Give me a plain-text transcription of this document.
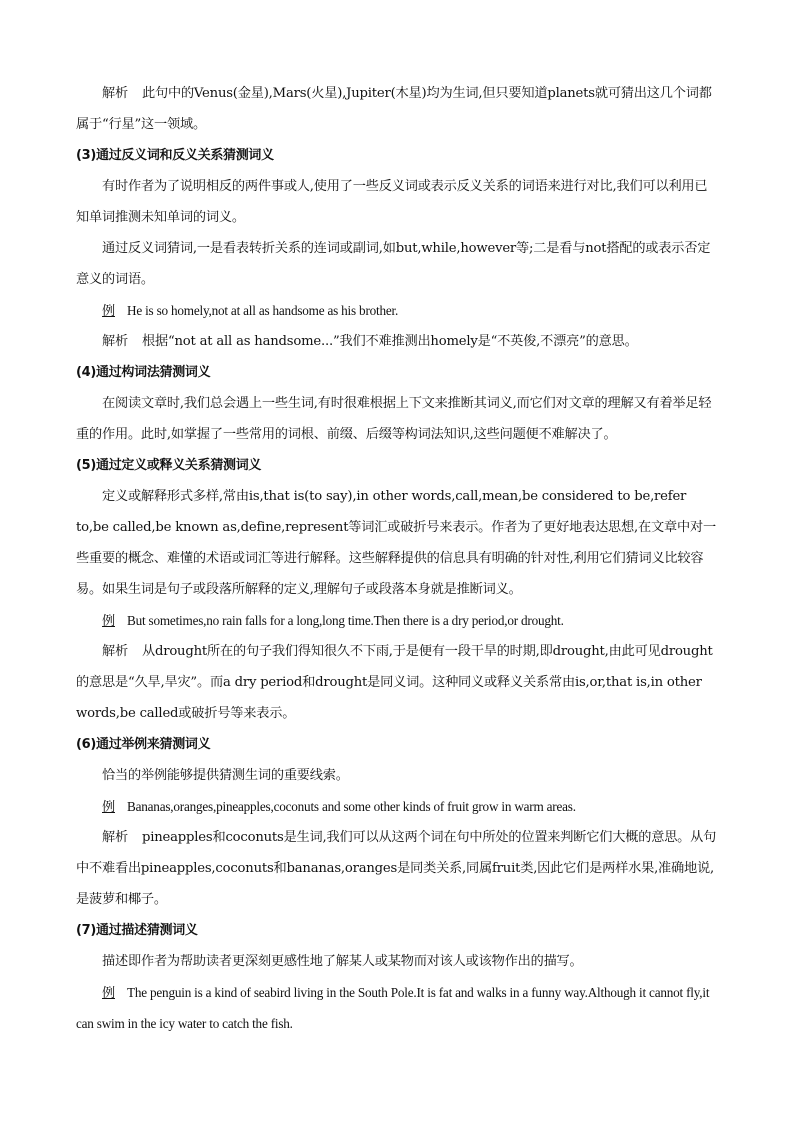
解析 此句中的Venus(金星),Mars(火星),Jupiter(木星)均为生词,但只要知道planets就可猜出这几个词都属于“行星”这一领域。

(3)通过反义词和反义关系猜测词义

有时作者为了说明相反的两件事或人,使用了一些反义词或表示反义关系的词语来进行对比,我们可以利用已知单词推测未知单词的词义。

通过反义词猜词,一是看表转折关系的连词或副词,如but,while,however等;二是看与not搭配的或表示否定意义的词语。

例 He is so homely,not at all as handsome as his brother.

解析 根据“not at all as handsome...”我们不难推测出homely是“不英俊,不漂亮”的意思。

(4)通过构词法猜测词义

在阅读文章时,我们总会遇上一些生词,有时很难根据上下文来推断其词义,而它们对文章的理解又有着举足轻重的作用。此时,如掌握了一些常用的词根、前缀、后缀等构词法知识,这些问题便不难解决了。

(5)通过定义或释义关系猜测词义

定义或解释形式多样,常由is,that is(to say),in other words,call,mean,be considered to be,refer to,be called,be known as,define,represent等词汇或破折号来表示。作者为了更好地表达思想,在文章中对一些重要的概念、难懂的术语或词汇等进行解释。这些解释提供的信息具有明确的针对性,利用它们猜词义比较容易。如果生词是句子或段落所解释的定义,理解句子或段落本身就是推断词义。

例 But sometimes,no rain falls for a long,long time.Then there is a dry period,or drought.

解析 从drought所在的句子我们得知很久不下雨,于是便有一段干旱的时期,即drought,由此可见drought的意思是“久旱,旱灾”。而a dry period和drought是同义词。这种同义或释义关系常由is,or,that is,in other words,be called或破折号等来表示。

(6)通过举例来猜测词义

恰当的举例能够提供猜测生词的重要线索。

例 Bananas,oranges,pineapples,coconuts and some other kinds of fruit grow in warm areas.

解析 pineapples和coconuts是生词,我们可以从这两个词在句中所处的位置来判断它们大概的意思。从句中不难看出pineapples,coconuts和bananas,oranges是同类关系,同属fruit类,因此它们是两样水果,准确地说,是菠萝和椰子。

(7)通过描述猜测词义

描述即作者为帮助读者更深刻更感性地了解某人或某物而对该人或该物作出的描写。

例 The penguin is a kind of seabird living in the South Pole.It is fat and walks in a funny way.Although it cannot fly,it can swim in the icy water to catch the fish.
